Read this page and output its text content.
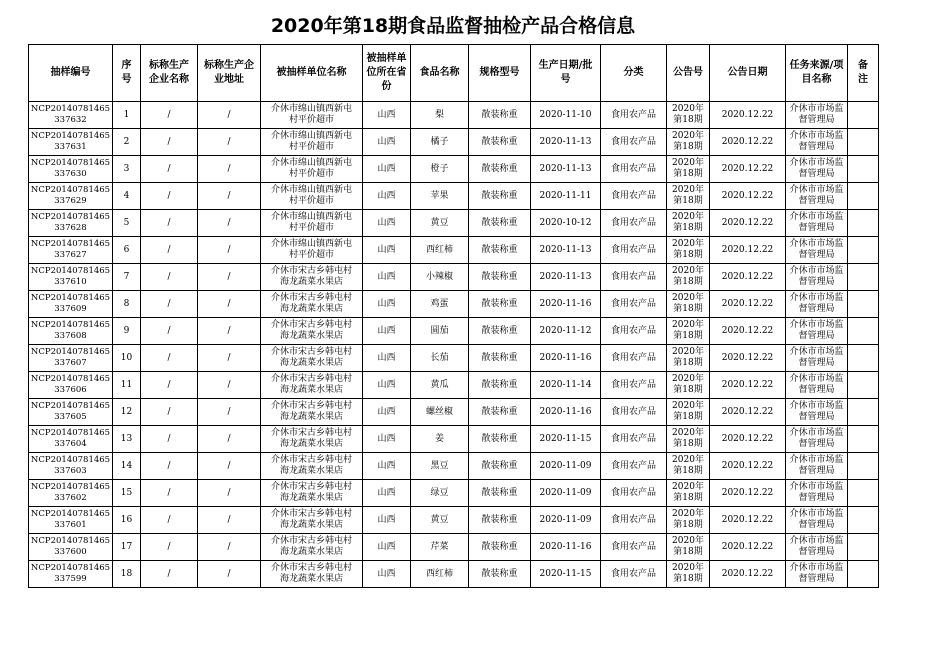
2020年第18期食品监督抽检产品合格信息
抽样编号	序号	标称生产企业名称	标称生产企业地址	被抽样单位名称	被抽样单位所在省份	食品名称	规格型号	生产日期/批号	分类	公告号	公告日期	任务来源/项目名称	备注
NCP20140781465 337632	1	/	/	介休市绵山镇西新屯村平价超市	山西	梨	散装称重	2020-11-10	食用农产品	2020年第18期	2020.12.22	介休市市场监督管理局	
NCP20140781465 337631	2	/	/	介休市绵山镇西新屯村平价超市	山西	橘子	散装称重	2020-11-13	食用农产品	2020年第18期	2020.12.22	介休市市场监督管理局	
NCP20140781465 337630	3	/	/	介休市绵山镇西新屯村平价超市	山西	橙子	散装称重	2020-11-13	食用农产品	2020年第18期	2020.12.22	介休市市场监督管理局	
NCP20140781465 337629	4	/	/	介休市绵山镇西新屯村平价超市	山西	苹果	散装称重	2020-11-11	食用农产品	2020年第18期	2020.12.22	介休市市场监督管理局	
NCP20140781465 337628	5	/	/	介休市绵山镇西新屯村平价超市	山西	黄豆	散装称重	2020-10-12	食用农产品	2020年第18期	2020.12.22	介休市市场监督管理局	
NCP20140781465 337627	6	/	/	介休市绵山镇西新屯村平价超市	山西	西红柿	散装称重	2020-11-13	食用农产品	2020年第18期	2020.12.22	介休市市场监督管理局	
NCP20140781465 337610	7	/	/	介休市宋古乡韩屯村海龙蔬菜水果店	山西	小辣椒	散装称重	2020-11-13	食用农产品	2020年第18期	2020.12.22	介休市市场监督管理局	
NCP20140781465 337609	8	/	/	介休市宋古乡韩屯村海龙蔬菜水果店	山西	鸡蛋	散装称重	2020-11-16	食用农产品	2020年第18期	2020.12.22	介休市市场监督管理局	
NCP20140781465 337608	9	/	/	介休市宋古乡韩屯村海龙蔬菜水果店	山西	圆茄	散装称重	2020-11-12	食用农产品	2020年第18期	2020.12.22	介休市市场监督管理局	
NCP20140781465 337607	10	/	/	介休市宋古乡韩屯村海龙蔬菜水果店	山西	长茄	散装称重	2020-11-16	食用农产品	2020年第18期	2020.12.22	介休市市场监督管理局	
NCP20140781465 337606	11	/	/	介休市宋古乡韩屯村海龙蔬菜水果店	山西	黄瓜	散装称重	2020-11-14	食用农产品	2020年第18期	2020.12.22	介休市市场监督管理局	
NCP20140781465 337605	12	/	/	介休市宋古乡韩屯村海龙蔬菜水果店	山西	螺丝椒	散装称重	2020-11-16	食用农产品	2020年第18期	2020.12.22	介休市市场监督管理局	
NCP20140781465 337604	13	/	/	介休市宋古乡韩屯村海龙蔬菜水果店	山西	姜	散装称重	2020-11-15	食用农产品	2020年第18期	2020.12.22	介休市市场监督管理局	
NCP20140781465 337603	14	/	/	介休市宋古乡韩屯村海龙蔬菜水果店	山西	黑豆	散装称重	2020-11-09	食用农产品	2020年第18期	2020.12.22	介休市市场监督管理局	
NCP20140781465 337602	15	/	/	介休市宋古乡韩屯村海龙蔬菜水果店	山西	绿豆	散装称重	2020-11-09	食用农产品	2020年第18期	2020.12.22	介休市市场监督管理局	
NCP20140781465 337601	16	/	/	介休市宋古乡韩屯村海龙蔬菜水果店	山西	黄豆	散装称重	2020-11-09	食用农产品	2020年第18期	2020.12.22	介休市市场监督管理局	
NCP20140781465 337600	17	/	/	介休市宋古乡韩屯村海龙蔬菜水果店	山西	芹菜	散装称重	2020-11-16	食用农产品	2020年第18期	2020.12.22	介休市市场监督管理局	
NCP20140781465 337599	18	/	/	介休市宋古乡韩屯村海龙蔬菜水果店	山西	西红柿	散装称重	2020-11-15	食用农产品	2020年第18期	2020.12.22	介休市市场监督管理局	
